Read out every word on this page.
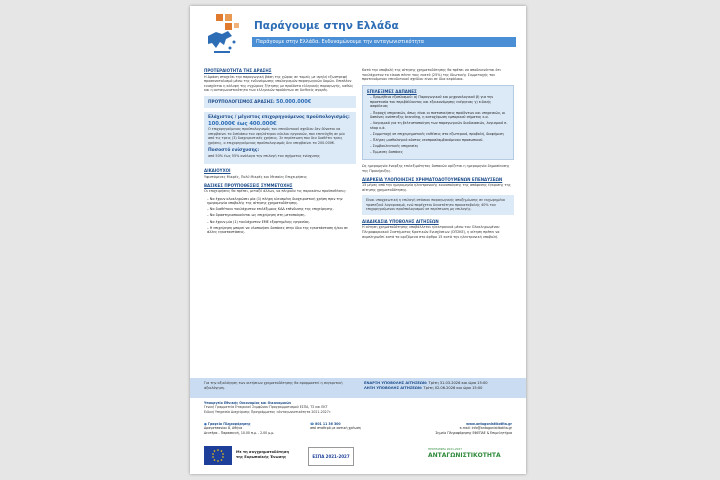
Παράγουμε στην Ελλάδα
Παράγουμε στην Ελλάδα. Ενδυναμώνουμε την ανταγωνιστικότητα
ΠΡΟΤΕΡΑΙΟΤΗΤΑ ΤΗΣ ΔΡΑΣΗΣ
Η Δράση στοχεύει την παραγωγική βάση της χώρας σε τομείς με υψηλή εξωστρεφή προσανατολισμό μέσω της ενδυνάμωσης υπολογισμών παραγωγικών δομών. Επιπλέον ενισχύεται η κάλυψη της εγχώριας ζήτησης με προϊόντα ελληνικής παραγωγής, καθώς και η ανταγωνιστικότητα των ελληνικών προϊόντων σε διεθνείς αγορές.
ΠΡΟΫΠΟΛΟΓΙΣΜΟΣ ΔΡΑΣΗΣ: 50.000.000€
Ελάχιστος / μέγιστος επιχορηγούμενος προϋπολογισμός:
100.000€ έως 400.000€
Ο επιχορηγούμενος προϋπολογισμός του επενδυτικού σχεδίου δεν δύναται να υπερβαίνει το διπλάσιο του υψηλότερου κύκλου εργασιών, που επιτεύχθη σε μία από τις τρεις (3) διαχειριστικές χρήσεις. Σε περίπτωση που δεν διαθέτει τρεις χρήσεις, ο επιχορηγούμενος προϋπολογισμός δεν υπερβαίνει τα 200.000€.
Ποσοστό ενίσχυσης:
από 50% έως 55% ανάλογα την επιλογή του σχήματος ενίσχυσης
ΔΙΚΑΙΟΥΧΟΙ
Υφιστάμενες Μικρές, Πολύ Μικρές και Μεσαίες Επιχειρήσεις
ΒΑΣΙΚΕΣ ΠΡΟΫΠΟΘΕΣΕΙΣ ΣΥΜΜΕΤΟΧΗΣ
Οι επιχειρήσεις θα πρέπει, μεταξύ άλλων, να πληρούν τις παρακάτω προϋποθέσεις:
– Να έχουν ολοκληρώσει μία (1) πλήρη κλεισμένη διαχειριστική χρήση πριν την ημερομηνία υποβολής της αίτησης χρηματοδότησης.
– Να διαθέτουν τουλάχιστον επιλέξιμους ΚΑΔ επένδυσης της επιχείρησης.
– Να δραστηριοποιούνται ως επιχείρηση στη μεταποίηση.
– Να έχουν μία (1) τουλάχιστον ΕΜΕ εξαρτημένης εργασίας.
– Η επιχείρηση μπορεί να υλοποιήσει δαπάνες στην ίδια της εγκατάσταση ή/και σε άλλες εγκαταστάσεις.
Κατά την υποβολή της αίτησης χρηματοδότησης θα πρέπει να αποδεικνύεται ότι τουλάχιστον το είκοσι πέντε τοις εκατό (25%) της Ιδιωτικής Συμμετοχής του προτεινόμενου επενδυτικού σχεδίου είναι σε ίδια κεφάλαια.
ΕΠΙΛΕΞΙΜΕΣ ΔΑΠΑΝΕΣ
– Προμήθεια εξοπλισμού: α) Παραγωγικού και μηχανολογικού β) για την προστασία του περιβάλλοντος και εξοικονόμησης ενέργειας γ) ειδικής ασφάλειας
– Παροχή υπηρεσιών, όπως είναι οι πιστοποιήσεις προϊόντων και υπηρεσιών, οι δαπάνες ανάπτυξης branding, η κατοχύρωση εμπορικού σήματος κ.α.
– Λογισμικό για τη βελτιστοποίηση των παραγωγικών διαδικασιών, λογισμικό e-shop κ.ά.
– Συμμετοχή σε επιχειρηματικές εκθέσεις στο εξωτερικό, προβολή, διαφήμιση
– Πλήρες μισθολογικό κόστος νεοπροσλαμβανόμενου προσωπικού.
– Συμβουλευτικές υπηρεσίες
– Έμμεσες δαπάνες
Ως ημερομηνία έναρξης επιλεξιμότητας δαπανών ορίζεται η ημερομηνία δημοσίευσης της Προκήρυξης.
ΔΙΑΡΚΕΙΑ ΥΛΟΠΟΙΗΣΗΣ ΧΡΗΜΑΤΟΔΟΤΟΥΜΕΝΩΝ ΕΠΕΝΔΥΣΕΩΝ
15 μήνες από την ημερομηνία ηλεκτρονικής κοινοποίησης της απόφασης έγκρισης της αίτησης χρηματοδότησης.
Είναι υποχρεωτική η επιλογή στάσιου παραγωγικής αποζημίωσης σε εκχωρημένο τραπεζικό λογαριασμό, ενώ παρέχεται δυνατότητα προκαταβολής 40% του επιχορηγούμενου προϋπολογισμού σε περίπτωση μη επιλογής.
ΔΙΑΔΙΚΑΣΙΑ ΥΠΟΒΟΛΗΣ ΑΙΤΗΣΕΩΝ
Η αίτηση χρηματοδότησης υποβάλλεται ηλεκτρονικά μέσω του Ολοκληρωμένου Πληροφοριακού Συστήματος Κρατικών Ενισχύσεων (ΟΠΣΚΕ), η αίτηση πρέπει να συμπληρωθεί κατά τα οριζόμενα στο άρθρο 15 κατά την ηλεκτρονική υποβολή.
Για την αξιολόγηση των αιτήσεων χρηματοδότησης θα εφαρμοστεί η συγκριτική αξιολόγηση.
ΕΝΑΡΞΗ ΥΠΟΒΟΛΗΣ ΑΙΤΗΣΕΩΝ: Τρίτη 31.03.2026 και ώρα 15:00
ΛΗΞΗ ΥΠΟΒΟΛΗΣ ΑΙΤΗΣΕΩΝ: Τρίτη 02.06.2026 και ώρα 15:00
Υπουργείο Εθνικής Οικονομίας και Οικονομικών
Γενική Γραμματεία Εταιρικού Συμφώνου Προγραμματισμού ΕΣΠΑ, ΤΣ και ΕΚΤ
Ειδική Υπηρεσία Διαχείρισης Προγράμματος «Ανταγωνιστικότητα 2021-2027»
● Γραφείο Πληροφόρησης
Δραγατσανίου 8, Αθήνα
Δευτέρα - Παρασκευή, 10.00 π.μ. - 2.00 μ.μ.
☎ 801 11 36 300
από σταθερό με αστική χρέωση
www.antagonistikotita.gr
e-mail: info@antagonistikotita.gr
Σημείο Πληροφόρησης ΕΦΕΠΑΕ & Επιμελητήρια
Με τη συγχρηματοδότηση της Ευρωπαϊκής Ένωσης	ΕΣΠΑ 2021-2027
ΠΡΟΓΡΑΜΜΑ 2021-2027
ΑΝΤΑΓΩΝΙΣΤΙΚΟΤΗΤΑ
